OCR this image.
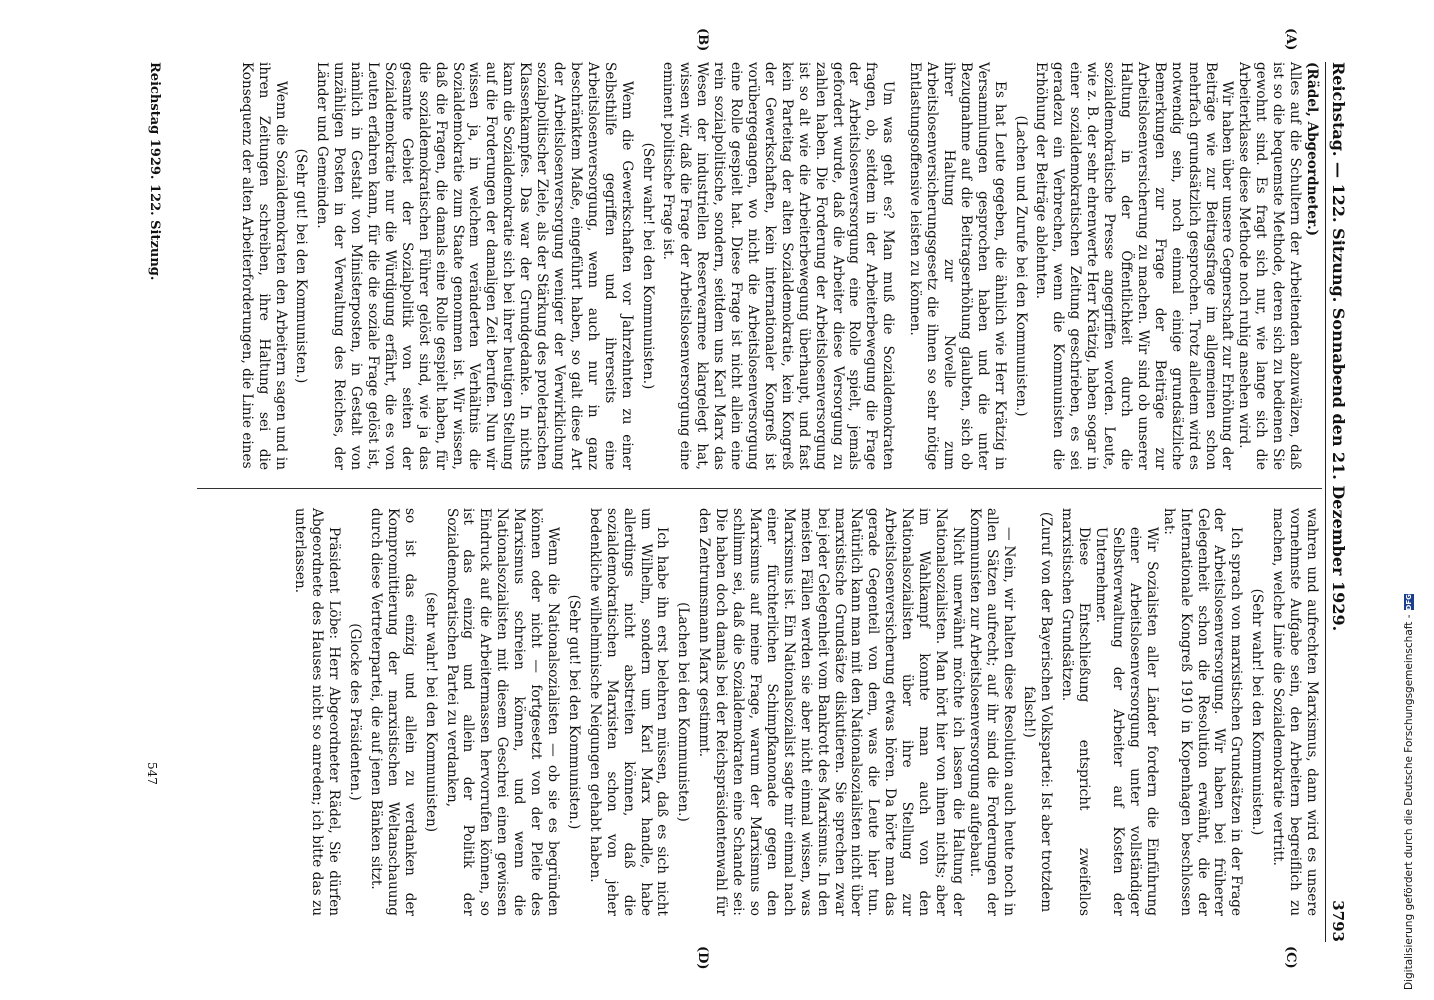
Reichstag. — 122. Sitzung. Sonnabend den 21. Dezember 1929.
3793
(A)
(B)
(C)
(D)

(Rädel, Abgeordneter.)

Alles auf die Schultern der Arbeitenden abzuwälzen, daß ist so die bequemste Methode, deren sich zu bedienen Sie gewohnt sind. Es fragt sich nur, wie lange sich die Arbeiterklasse diese Methode noch ruhig ansehen wird.

Wir haben über unsere Gegnerschaft zur Erhöhung der Beiträge wie zur Beitragsfrage im allgemeinen schon mehrfach grundsätzlich gesprochen. Trotz alledem wird es notwendig sein, noch einmal einige grundsätzliche Bemerkungen zur Frage der Beiträge zur Arbeitslosenversicherung zu machen. Wir sind ob unserer Haltung in der Öffentlichkeit durch die sozialdemokratische Presse angegriffen worden. Leute, wie z. B. der sehr ehrenwerte Herr Krätzig, haben sogar in einer sozialdemokratischen Zeitung geschrieben, es sei geradezu ein Verbrechen, wenn die Kommunisten die Erhöhung der Beiträge ablehnten.

(Lachen und Zurufe bei den Kommunisten.)

Es hat Leute gegeben, die ähnlich wie Herr Krätzig in Versammlungen gesprochen haben und die unter Bezugnahme auf die Beitragserhöhung glaubten, sich ob ihrer Haltung zur Novelle zum Arbeitslosenversicherungsgesetz die ihnen so sehr nötige Entlastungsoffensive leisten zu können.

Um was geht es? Man muß die Sozialdemokraten fragen, ob, seitdem in der Arbeiterbewegung die Frage der Arbeitslosenversorgung eine Rolle spielt, jemals gefordert wurde, daß die Arbeiter diese Versorgung zu zahlen haben. Die Forderung der Arbeitslosenversorgung ist so alt wie die Arbeiterbewegung überhaupt, und fast kein Parteitag der alten Sozialdemokratie, kein Kongreß der Gewerkschaften, kein internationaler Kongreß ist vorübergegangen, wo nicht die Arbeitslosenversorgung eine Rolle gespielt hat. Diese Frage ist nicht allein eine rein sozialpolitische, sondern, seitdem uns Karl Marx das Wesen der industriellen Reservearmee klargelegt hat, wissen wir, daß die Frage der Arbeitslosenversorgung eine eminent politische Frage ist.

(Sehr wahr! bei den Kommunisten.)

Wenn die Gewerkschaften vor Jahrzehnten zu einer Selbsthilfe gegriffen und ihrerseits eine Arbeitslosenversorgung, wenn auch nur in ganz beschränktem Maße, eingeführt haben, so galt diese Art der Arbeitslosenversorgung weniger der Verwirklichung sozialpolitischer Ziele, als der Stärkung des proletarischen Klassenkampfes. Das war der Grundgedanke. In nichts kann die Sozialdemokratie sich bei ihrer heutigen Stellung auf die Forderungen der damaligen Zeit berufen. Nun wir wissen ja, in welchem veränderten Verhältnis die Sozialdemokratie zum Staate genommen ist. Wir wissen, daß die Fragen, die damals eine Rolle gespielt haben, für die sozialdemokratischen Führer gelöst sind, wie ja das gesamte Gebiet der Sozialpolitik von seiten der Sozialdemokratie nur die Würdigung erfährt, die es von Leuten erfahren kann, für die die soziale Frage gelöst ist, nämlich in Gestalt von Ministerposten, in Gestalt von unzähligen Posten in der Verwaltung des Reiches, der Länder und Gemeinden.

(Sehr gut! bei den Kommunisten.)

Wenn die Sozialdemokraten den Arbeitern sagen und in ihren Zeitungen schreiben, ihre Haltung sei die Konsequenz der alten Arbeiterforderungen, die Linie eines

wahren und aufrechten Marxismus, dann wird es unsere vornehmste Aufgabe sein, den Arbeitern begreiflich zu machen, welche Linie die Sozialdemokratie vertritt.

(Sehr wahr! bei den Kommunisten.)

Ich sprach von marxistischen Grundsätzen in der Frage der Arbeitslosenversorgung. Wir haben bei früherer Gelegenheit schon die Resolution erwähnt, die der Internationale Kongreß 1910 in Kopenhagen beschlossen hat:

Wir Sozialisten aller Länder fordern die Einführung einer Arbeitslosenversorgung unter vollständiger Selbstverwaltung der Arbeiter auf Kosten der Unternehmer.

Diese Entschließung entspricht zweifellos marxistischen Grundsätzen.

(Zuruf von der Bayerischen Volkspartei: Ist aber trotzdem falsch!)

— Nein, wir halten diese Resolution auch heute noch in allen Sätzen aufrecht; auf ihr sind die Forderungen der Kommunisten zur Arbeitslosenversorgung aufgebaut.

Nicht unerwähnt möchte ich lassen die Haltung der Nationalsozialisten. Man hört hier von ihnen nichts; aber im Wahlkampf konnte man auch von den Nationalsozialisten über ihre Stellung zur Arbeitslosenversicherung etwas hören. Da hörte man das gerade Gegenteil von dem, was die Leute hier tun. Natürlich kann man mit den Nationalsozialisten nicht über marxistische Grundsätze diskutieren. Sie sprechen zwar bei jeder Gelegenheit vom Bankrott des Marxismus. In den meisten Fällen werden sie aber nicht einmal wissen, was Marxismus ist. Ein Nationalsozialist sagte mir einmal nach einer fürchterlichen Schimpfkanonade gegen den Marxismus auf meine Frage, warum der Marxismus so schlimm sei, daß die Sozialdemokraten eine Schande sei: Die haben doch damals bei der Reichspräsidentenwahl für den Zentrumsmann Marx gestimmt.

(Lachen bei den Kommunisten.)

Ich habe ihn erst belehren müssen, daß es sich nicht um Wilhelm, sondern um Karl Marx handle, habe allerdings nicht abstreiten können, daß die sozialdemokratischen Marxisten schon von jeher bedenkliche wilhelminische Neigungen gehabt haben.

(Sehr gut! bei den Kommunisten.)

Wenn die Nationalsozialisten — ob sie es begründen können oder nicht — fortgesetzt von der Pleite des Marxismus schreien können, und wenn die Nationalsozialisten mit diesem Geschrei einen gewissen Eindruck auf die Arbeitermassen hervorrufen können, so ist das einzig und allein der Politik der Sozialdemokratischen Partei zu verdanken,

(sehr wahr! bei den Kommunisten)

so ist das einzig und allein zu verdanken der Kompromittierung der marxistischen Weltanschauung durch diese Vertreterpartei, die auf jenen Bänken sitzt.

(Glocke des Präsidenten.)

Präsident Löbe: Herr Abgeordneter Rädel, Sie dürfen Abgeordnete des Hauses nicht so anreden; ich bitte das zu unterlassen.

Reichstag 1929. 122. Sitzung.
547	Digitalisierung gefördert durch die Deutsche Forschungsgemeinschaft -
DFG
